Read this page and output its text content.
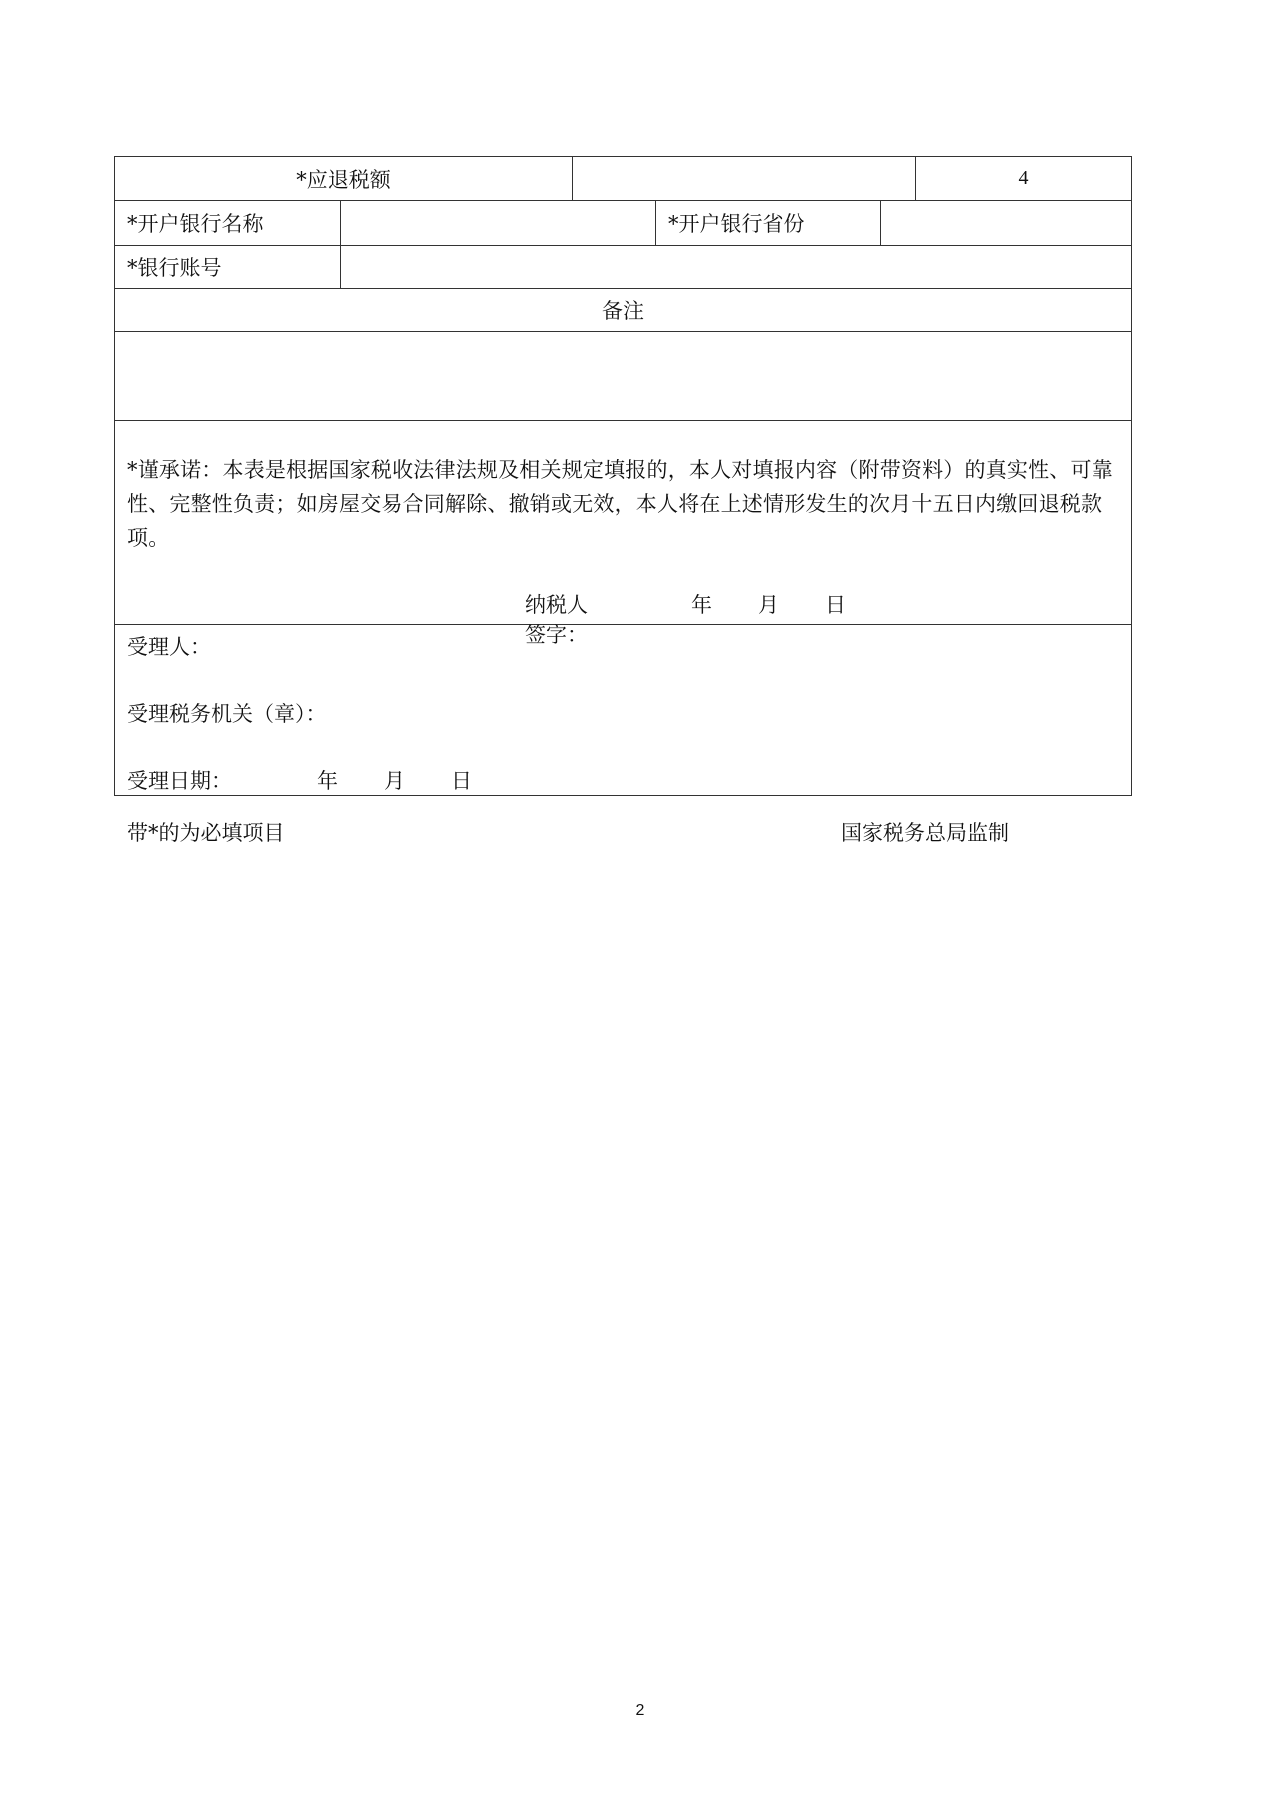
*应退税额	4
*开户银行名称	*开户银行省份
*银行账号
备注
*谨承诺：本表是根据国家税收法律法规及相关规定填报的，本人对填报内容（附带资料）的真实性、可靠性、完整性负责；如房屋交易合同解除、撤销或无效，本人将在上述情形发生的次月十五日内缴回退税款项。
纳税人签字：
年 月 日
受理人：
受理税务机关（章）：
受理日期：	年 月 日
带*的为必填项目	国家税务总局监制
2
